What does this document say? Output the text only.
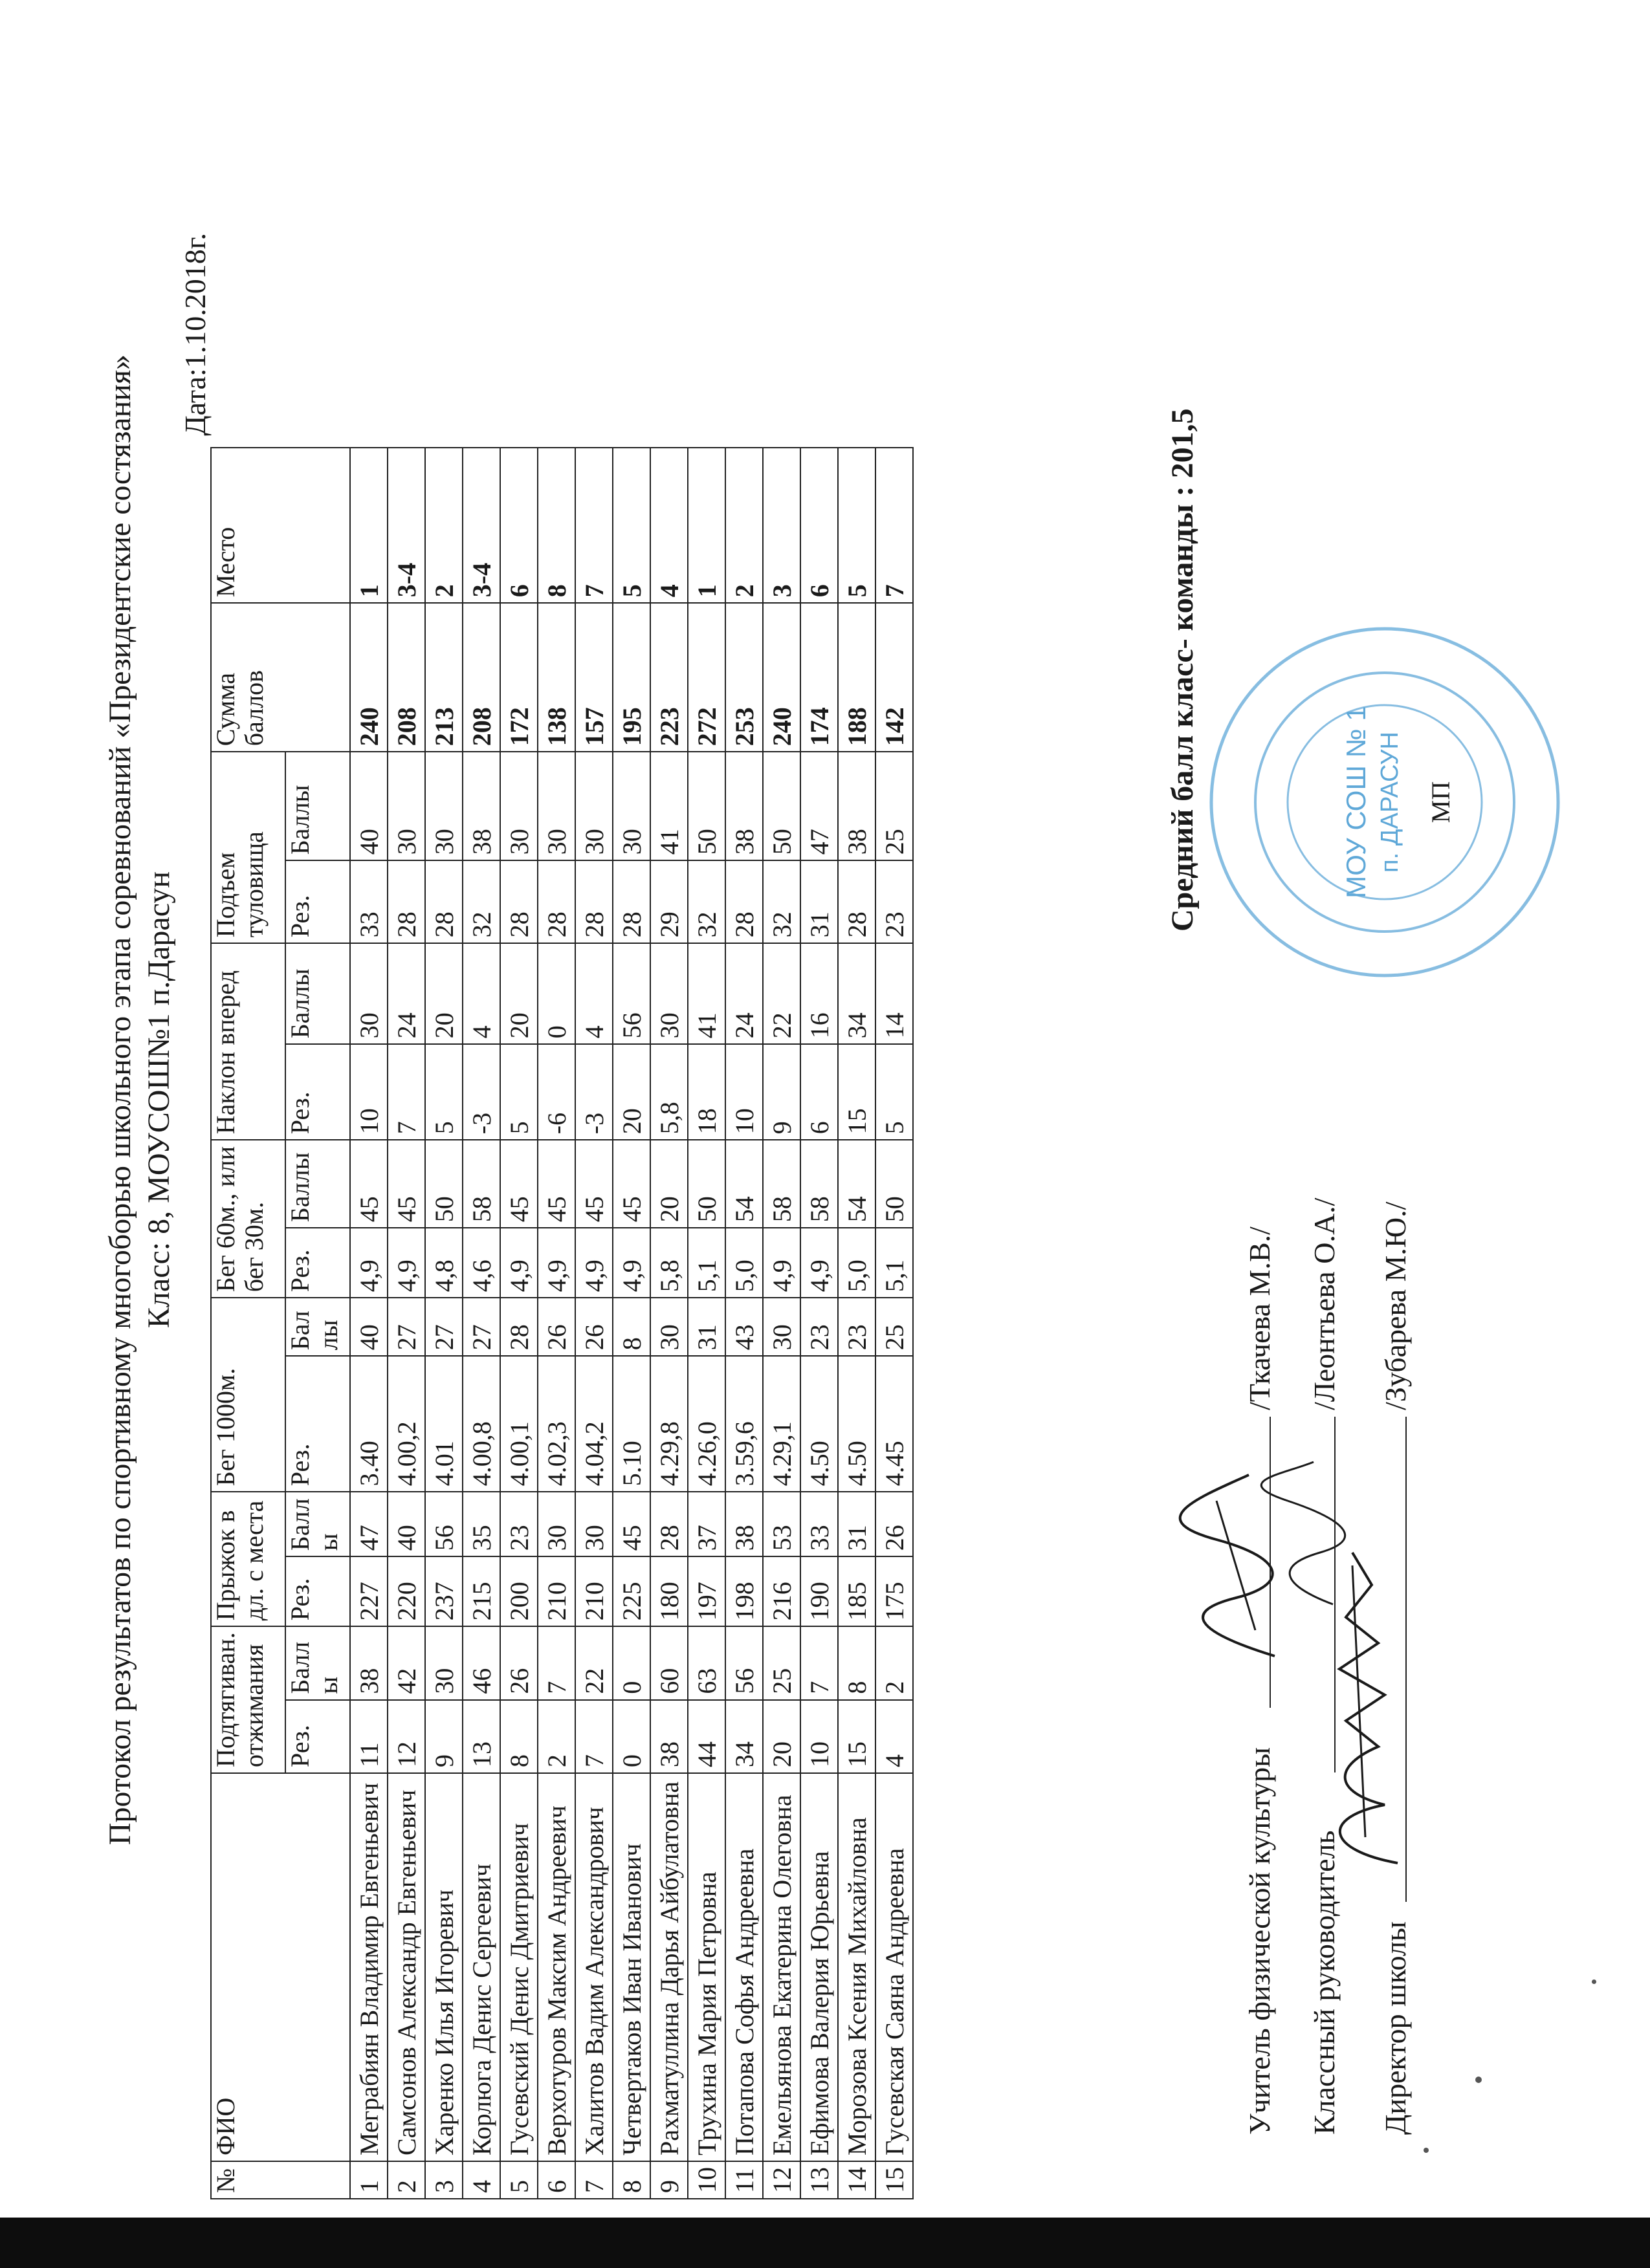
Протокол результатов по спортивному многоборью школьного этапа соревнований «Президентские состязания» Класс: 8, МОУСОШ№1 п.Дарасун
Дата:1.10.2018г.
№	ФИО	Подтягиван. отжимания		Прыжок в дл. с места		Бег 1000м.		Бег 60м., или бег 30м.		Наклон вперед		Подъем туловища		Сумма баллов	Место
		Рез.	Баллы	Рез.	Баллы	Рез.	Баллы	Рез.	Баллы	Рез.	Баллы	Рез.	Баллы		
1	Меграбиян Владимир Евгеньевич	11	38	227	47	3.40	40	4,9	45	10	30	33	40	240	1
2	Самсонов Александр Евгеньевич	12	42	220	40	4.00,2	27	4,9	45	7	24	28	30	208	3-4
3	Харенко Илья Игоревич	9	30	237	56	4.01	27	4,8	50	5	20	28	30	213	2
4	Корлюга Денис Сергеевич	13	46	215	35	4.00,8	27	4,6	58	-3	4	32	38	208	3-4
5	Гусевский Денис Дмитриевич	8	26	200	23	4.00,1	28	4,9	45	5	20	28	30	172	6
6	Верхотуров Максим Андреевич	2	7	210	30	4.02,3	26	4,9	45	-6	0	28	30	138	8
7	Халитов Вадим Александрович	7	22	210	30	4.04,2	26	4,9	45	-3	4	28	30	157	7
8	Четвертаков Иван Иванович	0	0	225	45	5.10	8	4,9	45	20	56	28	30	195	5
9	Рахматуллина Дарья Айбулатовна	38	60	180	28	4.29,8	30	5,8	20	5,8	30	29	41	223	4
10	Трухина Мария Петровна	44	63	197	37	4.26,0	31	5,1	50	18	41	32	50	272	1
11	Потапова Софья Андреевна	34	56	198	38	3.59,6	43	5,0	54	10	24	28	38	253	2
12	Емельянова Екатерина Олеговна	20	25	216	53	4.29,1	30	4,9	58	9	22	32	50	240	3
13	Ефимова Валерия Юрьевна	10	7	190	33	4.50	23	4,9	58	6	16	31	47	174	6
14	Морозова Ксения Михайловна	15	8	185	31	4.50	23	5,0	54	15	34	28	38	188	5
15	Гусевская Саяна Андреевна	4	2	175	26	4.45	25	5,1	50	5	14	23	25	142	7
Учитель физической культуры
/Ткачева М.В./
Классный руководитель
/Леонтьева О.А./
Директор школы
/Зубарева М.Ю./
Средний балл класс- команды : 201,5	МОУ СОШ № 1 п. ДАРАСУН МП
